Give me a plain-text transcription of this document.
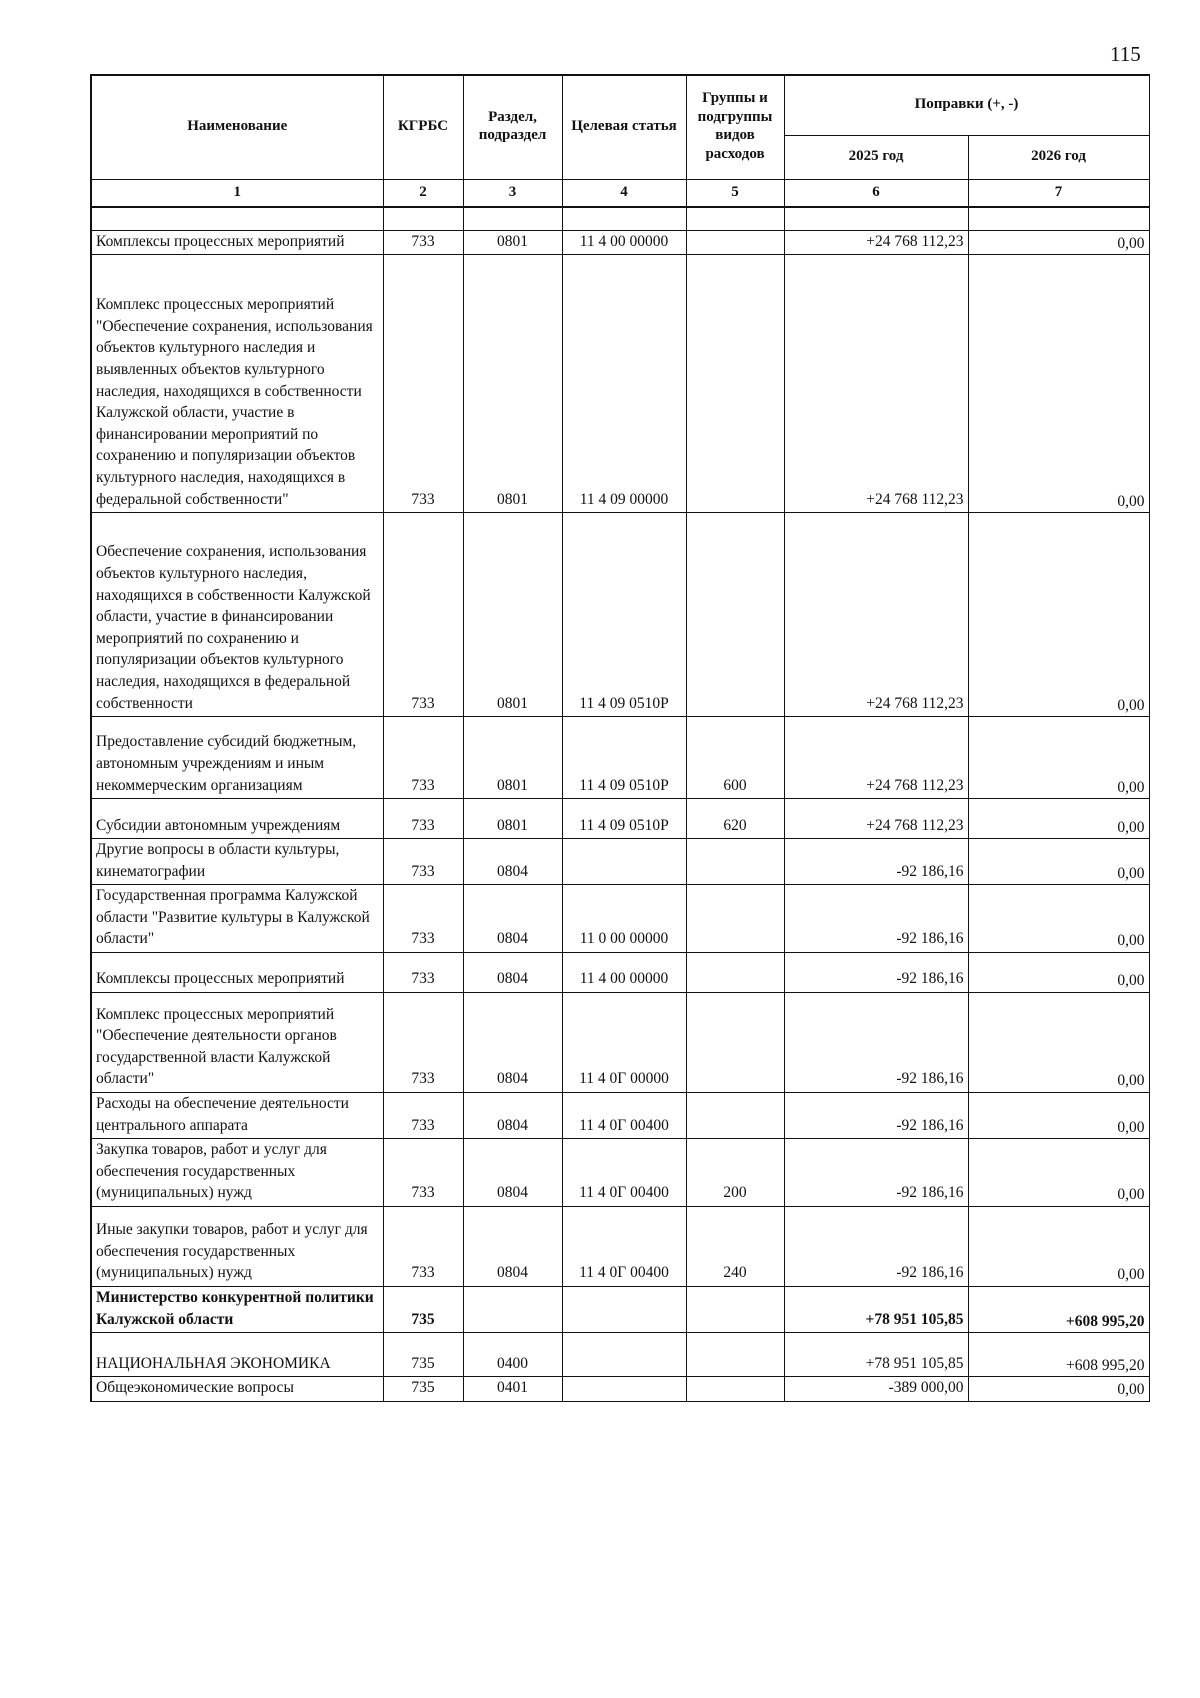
115
Наименование	КГРБС	Раздел, подраздел	Целевая статья	Группы и подгруппы видов расходов	Поправки (+, -)	
					2025 год	2026 год
1	2	3	4	5	6	7

Комплексы процессных мероприятий	733	0801	11 4 00 00000		+24 768 112,23	0,00
Комплекс процессных мероприятий "Обеспечение сохранения, использования объектов культурного наследия и выявленных объектов культурного наследия, находящихся в собственности Калужской области, участие в финансировании мероприятий по сохранению и популяризации объектов культурного наследия, находящихся в федеральной собственности"	733	0801	11 4 09 00000		+24 768 112,23	0,00
Обеспечение сохранения, использования объектов культурного наследия, находящихся в собственности Калужской области, участие в финансировании мероприятий по сохранению и популяризации объектов культурного наследия, находящихся в федеральной собственности	733	0801	11 4 09 0510Р		+24 768 112,23	0,00
Предоставление субсидий бюджетным, автономным учреждениям и иным некоммерческим организациям	733	0801	11 4 09 0510Р	600	+24 768 112,23	0,00
Субсидии автономным учреждениям	733	0801	11 4 09 0510Р	620	+24 768 112,23	0,00
Другие вопросы в области культуры, кинематографии	733	0804			-92 186,16	0,00
Государственная программа Калужской области "Развитие культуры в Калужской области"	733	0804	11 0 00 00000		-92 186,16	0,00
Комплексы процессных мероприятий	733	0804	11 4 00 00000		-92 186,16	0,00
Комплекс процессных мероприятий "Обеспечение деятельности органов государственной власти Калужской области"	733	0804	11 4 0Г 00000		-92 186,16	0,00
Расходы на обеспечение деятельности центрального аппарата	733	0804	11 4 0Г 00400		-92 186,16	0,00
Закупка товаров, работ и услуг для обеспечения государственных (муниципальных) нужд	733	0804	11 4 0Г 00400	200	-92 186,16	0,00
Иные закупки товаров, работ и услуг для обеспечения государственных (муниципальных) нужд	733	0804	11 4 0Г 00400	240	-92 186,16	0,00
Министерство конкурентной политики Калужской области	735				+78 951 105,85	+608 995,20
НАЦИОНАЛЬНАЯ ЭКОНОМИКА	735	0400			+78 951 105,85	+608 995,20
Общеэкономические вопросы	735	0401			-389 000,00	0,00
